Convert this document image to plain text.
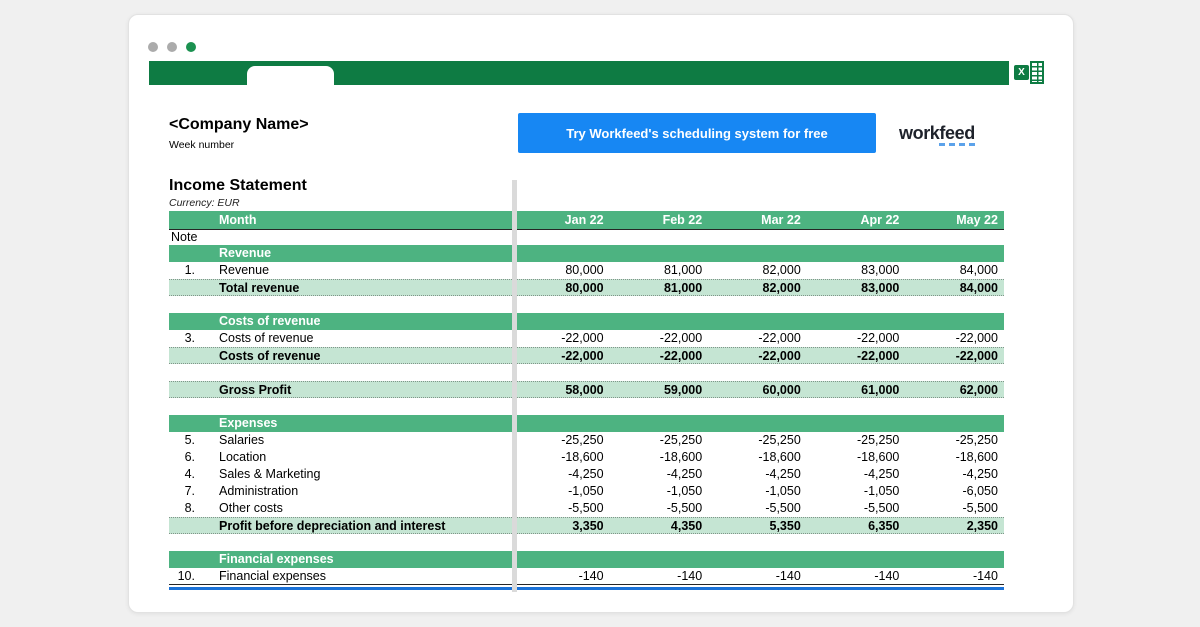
X
<Company Name>
Week number
Try Workfeed's scheduling system for free	workfeed
Income Statement
Currency: EUR
Month	Jan 22	Feb 22	Mar 22	Apr 22	May 22
Note
Revenue
1.	Revenue	80,000	81,000	82,000	83,000	84,000
Total revenue	80,000	81,000	82,000	83,000	84,000
Costs of revenue
3.	Costs of revenue	-22,000	-22,000	-22,000	-22,000	-22,000
Costs of revenue	-22,000	-22,000	-22,000	-22,000	-22,000
Gross Profit	58,000	59,000	60,000	61,000	62,000
Expenses
5.	Salaries	-25,250	-25,250	-25,250	-25,250	-25,250
6.	Location	-18,600	-18,600	-18,600	-18,600	-18,600
4.	Sales & Marketing	-4,250	-4,250	-4,250	-4,250	-4,250
7.	Administration	-1,050	-1,050	-1,050	-1,050	-6,050
8.	Other costs	-5,500	-5,500	-5,500	-5,500	-5,500
Profit before depreciation and interest	3,350	4,350	5,350	6,350	2,350
Financial expenses
10.	Financial expenses	-140	-140	-140	-140	-140
